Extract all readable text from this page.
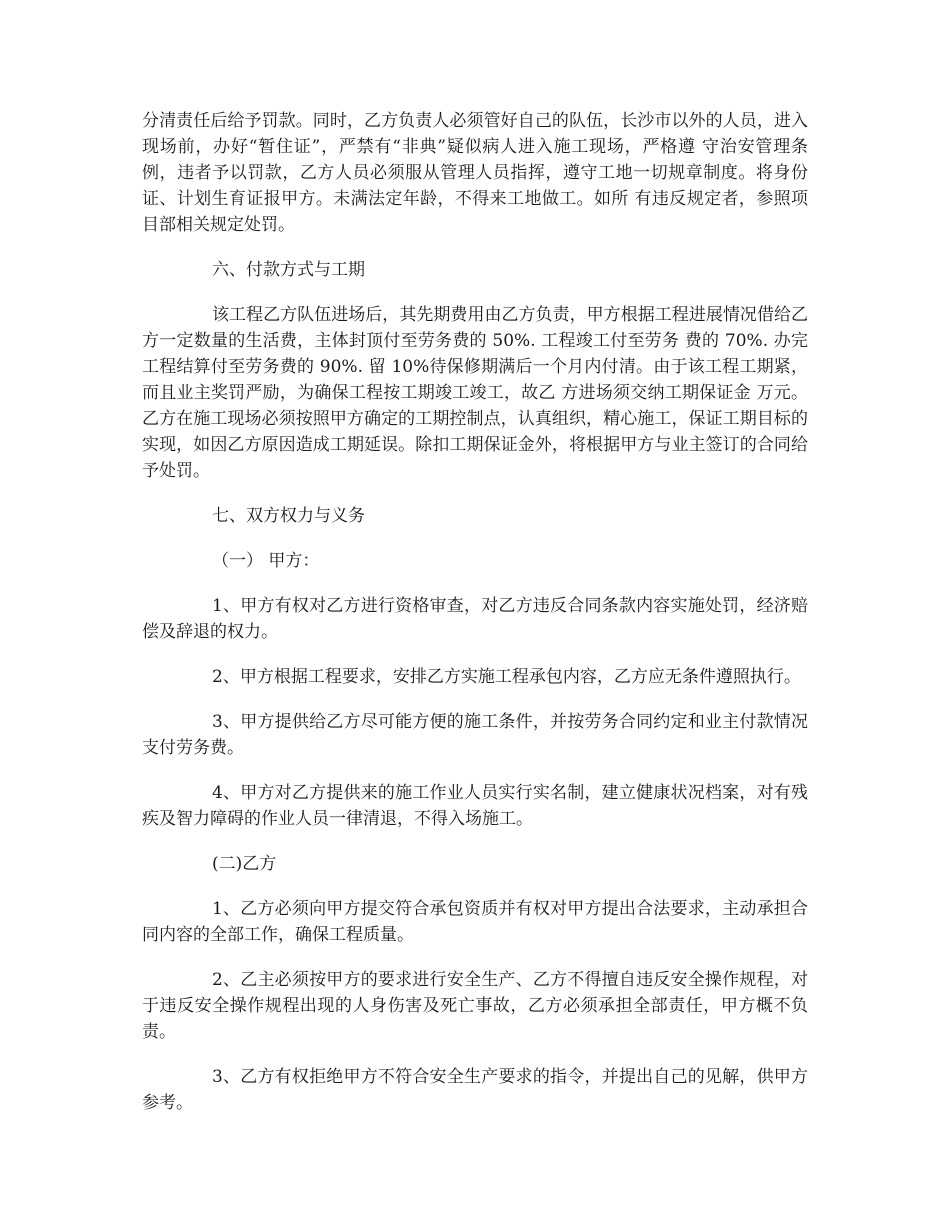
分清责任后给予罚款。同时，乙方负责人必须管好自己的队伍，长沙市以外的人员，进入现场前，办好“暂住证”，严禁有“非典”疑似病人进入施工现场，严格遵 守治安管理条例，违者予以罚款，乙方人员必须服从管理人员指挥，遵守工地一切规章制度。将身份证、计划生育证报甲方。未满法定年龄，不得来工地做工。如所 有违反规定者，参照项目部相关规定处罚。

六、付款方式与工期

该工程乙方队伍进场后，其先期费用由乙方负责，甲方根据工程进展情况借给乙方一定数量的生活费，主体封顶付至劳务费的 50%. 工程竣工付至劳务 费的 70%. 办完工程结算付至劳务费的 90%. 留 10%待保修期满后一个月内付清。由于该工程工期紧，而且业主奖罚严励，为确保工程按工期竣工竣工，故乙 方进场须交纳工期保证金 万元。乙方在施工现场必须按照甲方确定的工期控制点，认真组织，精心施工，保证工期目标的实现，如因乙方原因造成工期延误。除扣工期保证金外，将根据甲方与业主签订的合同给予处罚。

七、双方权力与义务

（一） 甲方：

1、甲方有权对乙方进行资格审查，对乙方违反合同条款内容实施处罚，经济赔偿及辞退的权力。

2、甲方根据工程要求，安排乙方实施工程承包内容，乙方应无条件遵照执行。

3、甲方提供给乙方尽可能方便的施工条件，并按劳务合同约定和业主付款情况支付劳务费。

4、甲方对乙方提供来的施工作业人员实行实名制，建立健康状况档案，对有残疾及智力障碍的作业人员一律清退，不得入场施工。

(二)乙方

1、乙方必须向甲方提交符合承包资质并有权对甲方提出合法要求，主动承担合同内容的全部工作，确保工程质量。

2、乙主必须按甲方的要求进行安全生产、乙方不得擅自违反安全操作规程，对于违反安全操作规程出现的人身伤害及死亡事故，乙方必须承担全部责任，甲方概不负责。

3、乙方有权拒绝甲方不符合安全生产要求的指令，并提出自己的见解，供甲方参考。
